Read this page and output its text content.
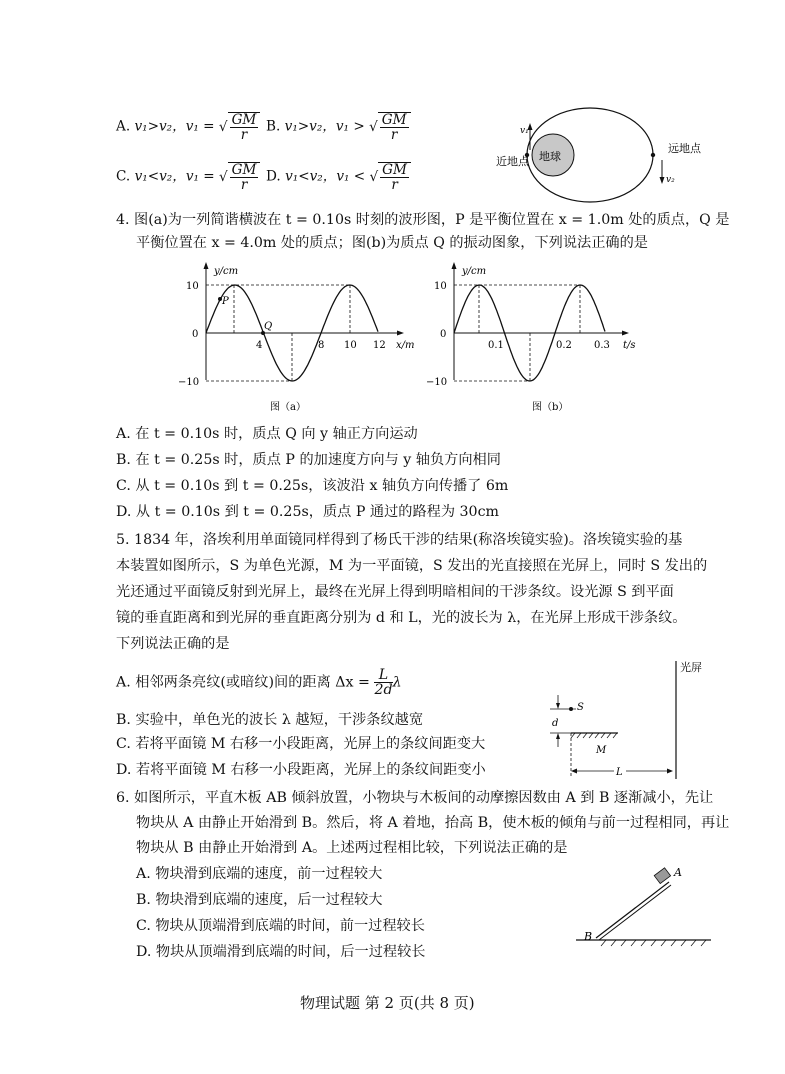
A. v₁>v₂，v₁ = √ $\frac{GM}{r} B$. v₁>v₂，v₁ > √ $\frac{GM}{r}$
C. v₁<v₂，v₁ = √ $\frac{GM}{r} D$. v₁<v₂，v₁ < √ $\frac{GM}{r}$
地球
v₁
v₂
近地点
远地点
4. 图(a)为一列简谐横波在 t = 0.10s 时刻的波形图，P 是平衡位置在 x = 1.0m 处的质点，Q 是
平衡位置在 x = 4.0m 处的质点；图(b)为质点 Q 的振动图象，下列说法正确的是
y/cm
x/m
10
0
−10
P
Q
4	8 10 12
图（a）
y/cm
t/s
10
0
−10
0.1	0.2 0.3
图（b）
A. 在 t = 0.10s 时，质点 Q 向 y 轴正方向运动
B. 在 t = 0.25s 时，质点 P 的加速度方向与 y 轴负方向相同
C. 从 t = 0.10s 到 t = 0.25s，该波沿 x 轴负方向传播了 6m
D. 从 t = 0.10s 到 t = 0.25s，质点 P 通过的路程为 30cm
5. 1834 年，洛埃利用单面镜同样得到了杨氏干涉的结果(称洛埃镜实验)。洛埃镜实验的基
本装置如图所示，S 为单色光源，M 为一平面镜，S 发出的光直接照在光屏上，同时 S 发出的
光还通过平面镜反射到光屏上，最终在光屏上得到明暗相间的干涉条纹。设光源 S 到平面
镜的垂直距离和到光屏的垂直距离分别为 d 和 L，光的波长为 λ，在光屏上形成干涉条纹。
下列说法正确的是
A. 相邻两条亮纹(或暗纹)间的距离 $\Delta x = \frac{L}{2d}$ λ
B. 实验中，单色光的波长 λ 越短，干涉条纹越宽
C. 若将平面镜 M 右移一小段距离，光屏上的条纹间距变大
D. 若将平面镜 M 右移一小段距离，光屏上的条纹间距变小
光屏
S
d
M
L
6. 如图所示，平直木板 AB 倾斜放置，小物块与木板间的动摩擦因数由 A 到 B 逐渐减小，先让
物块从 A 由静止开始滑到 B。然后，将 A 着地，抬高 B，使木板的倾角与前一过程相同，再让
物块从 B 由静止开始滑到 A。上述两过程相比较，下列说法正确的是
A. 物块滑到底端的速度，前一过程较大
B. 物块滑到底端的速度，后一过程较大
C. 物块从顶端滑到底端的时间，前一过程较长
D. 物块从顶端滑到底端的时间，后一过程较长
A
B
物理试题 第 2 页(共 8 页)
